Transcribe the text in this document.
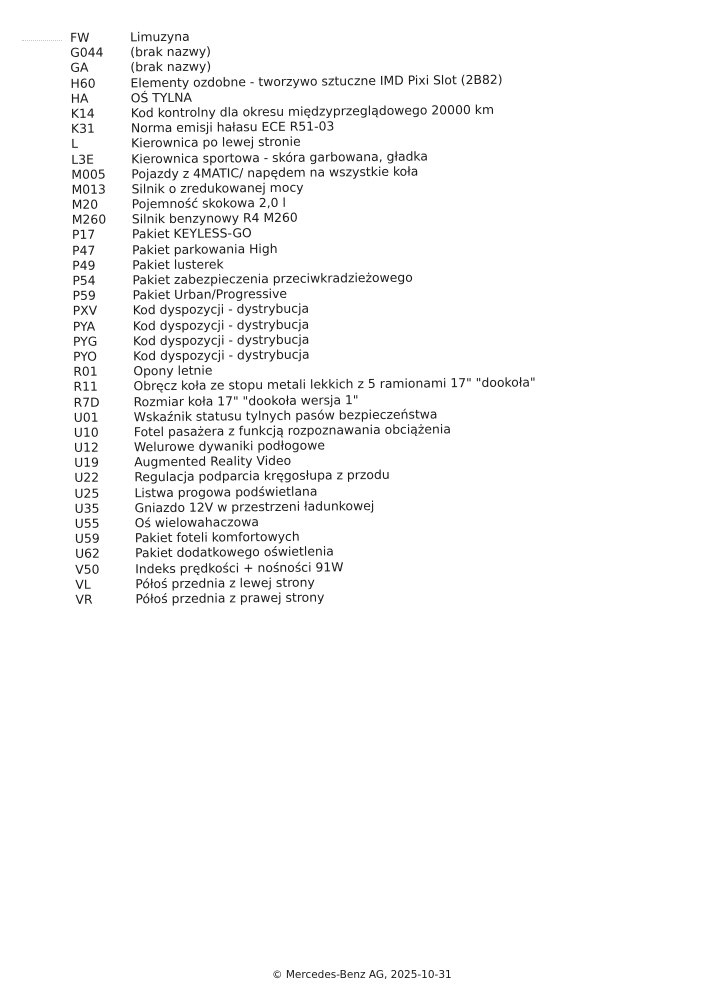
FW	Limuzyna
G044	(brak nazwy)
GA	(brak nazwy)
H60	Elementy ozdobne - tworzywo sztuczne IMD Pixi Slot (2B82)
HA	OŚ TYLNA
K14	Kod kontrolny dla okresu międzyprzeglądowego 20000 km
K31	Norma emisji hałasu ECE R51-03
L	Kierownica po lewej stronie
L3E	Kierownica sportowa - skóra garbowana, gładka
M005	Pojazdy z 4MATIC/ napędem na wszystkie koła
M013	Silnik o zredukowanej mocy
M20	Pojemność skokowa 2,0 l
M260	Silnik benzynowy R4 M260
P17	Pakiet KEYLESS-GO
P47	Pakiet parkowania High
P49	Pakiet lusterek
P54	Pakiet zabezpieczenia przeciwkradzieżowego
P59	Pakiet Urban/Progressive
PXV	Kod dyspozycji - dystrybucja
PYA	Kod dyspozycji - dystrybucja
PYG	Kod dyspozycji - dystrybucja
PYO	Kod dyspozycji - dystrybucja
R01	Opony letnie
R11	Obręcz koła ze stopu metali lekkich z 5 ramionami 17" "dookoła"
R7D	Rozmiar koła 17" "dookoła wersja 1"
U01	Wskaźnik statusu tylnych pasów bezpieczeństwa
U10	Fotel pasażera z funkcją rozpoznawania obciążenia
U12	Welurowe dywaniki podłogowe
U19	Augmented Reality Video
U22	Regulacja podparcia kręgosłupa z przodu
U25	Listwa progowa podświetlana
U35	Gniazdo 12V w przestrzeni ładunkowej
U55	Oś wielowahaczowa
U59	Pakiet foteli komfortowych
U62	Pakiet dodatkowego oświetlenia
V50	Indeks prędkości + nośności 91W
VL	Półoś przednia z lewej strony
VR	Półoś przednia z prawej strony
© Mercedes-Benz AG, 2025-10-31
